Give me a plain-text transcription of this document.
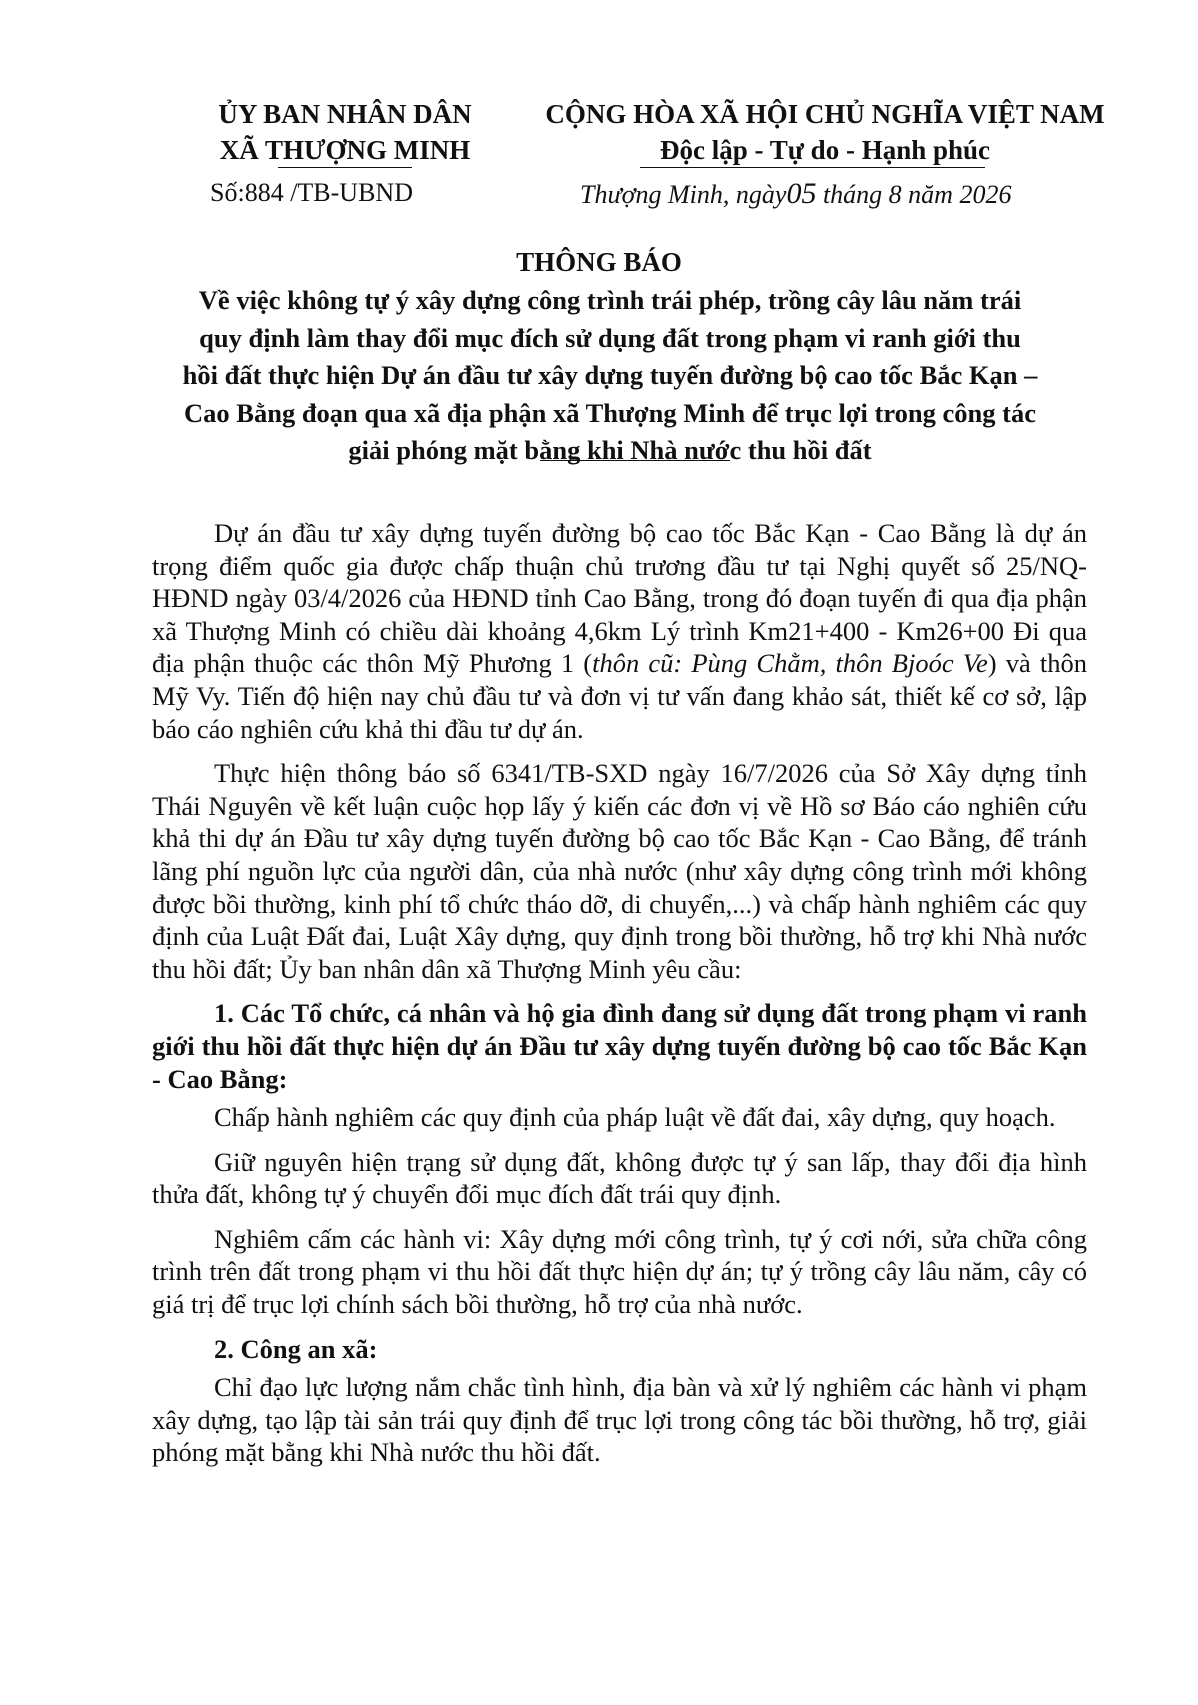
ỦY BAN NHÂN DÂN
XÃ THƯỢNG MINH
CỘNG HÒA XÃ HỘI CHỦ NGHĨA VIỆT NAM
Độc lập - Tự do - Hạnh phúc
Số:884 /TB-UBND	Thượng Minh, ngày05 tháng 8 năm 2026
THÔNG BÁO
Về việc không tự ý xây dựng công trình trái phép, trồng cây lâu năm trái
quy định làm thay đổi mục đích sử dụng đất trong phạm vi ranh giới thu
hồi đất thực hiện Dự án đầu tư xây dựng tuyến đường bộ cao tốc Bắc Kạn –
Cao Bằng đoạn qua xã địa phận xã Thượng Minh để trục lợi trong công tác
giải phóng mặt bằng khi Nhà nước thu hồi đất

Dự án đầu tư xây dựng tuyến đường bộ cao tốc Bắc Kạn - Cao Bằng là dự án trọng điểm quốc gia được chấp thuận chủ trương đầu tư tại Nghị quyết số 25/NQ-HĐND ngày 03/4/2026 của HĐND tỉnh Cao Bằng, trong đó đoạn tuyến đi qua địa phận xã Thượng Minh có chiều dài khoảng 4,6km Lý trình Km21+400 - Km26+00 Đi qua địa phận thuộc các thôn Mỹ Phương 1 (thôn cũ: Pùng Chằm, thôn Bjoóc Ve) và thôn Mỹ Vy. Tiến độ hiện nay chủ đầu tư và đơn vị tư vấn đang khảo sát, thiết kế cơ sở, lập báo cáo nghiên cứu khả thi đầu tư dự án.

Thực hiện thông báo số 6341/TB-SXD ngày 16/7/2026 của Sở Xây dựng tỉnh Thái Nguyên về kết luận cuộc họp lấy ý kiến các đơn vị về Hồ sơ Báo cáo nghiên cứu khả thi dự án Đầu tư xây dựng tuyến đường bộ cao tốc Bắc Kạn - Cao Bằng, để tránh lãng phí nguồn lực của người dân, của nhà nước (như xây dựng công trình mới không được bồi thường, kinh phí tổ chức tháo dỡ, di chuyển,...) và chấp hành nghiêm các quy định của Luật Đất đai, Luật Xây dựng, quy định trong bồi thường, hỗ trợ khi Nhà nước thu hồi đất; Ủy ban nhân dân xã Thượng Minh yêu cầu:

1. Các Tổ chức, cá nhân và hộ gia đình đang sử dụng đất trong phạm vi ranh giới thu hồi đất thực hiện dự án Đầu tư xây dựng tuyến đường bộ cao tốc Bắc Kạn - Cao Bằng:

Chấp hành nghiêm các quy định của pháp luật về đất đai, xây dựng, quy hoạch.

Giữ nguyên hiện trạng sử dụng đất, không được tự ý san lấp, thay đổi địa hình thửa đất, không tự ý chuyển đổi mục đích đất trái quy định.

Nghiêm cấm các hành vi: Xây dựng mới công trình, tự ý cơi nới, sửa chữa công trình trên đất trong phạm vi thu hồi đất thực hiện dự án; tự ý trồng cây lâu năm, cây có giá trị để trục lợi chính sách bồi thường, hỗ trợ của nhà nước.

2. Công an xã:

Chỉ đạo lực lượng nắm chắc tình hình, địa bàn và xử lý nghiêm các hành vi phạm xây dựng, tạo lập tài sản trái quy định để trục lợi trong công tác bồi thường, hỗ trợ, giải phóng mặt bằng khi Nhà nước thu hồi đất.
